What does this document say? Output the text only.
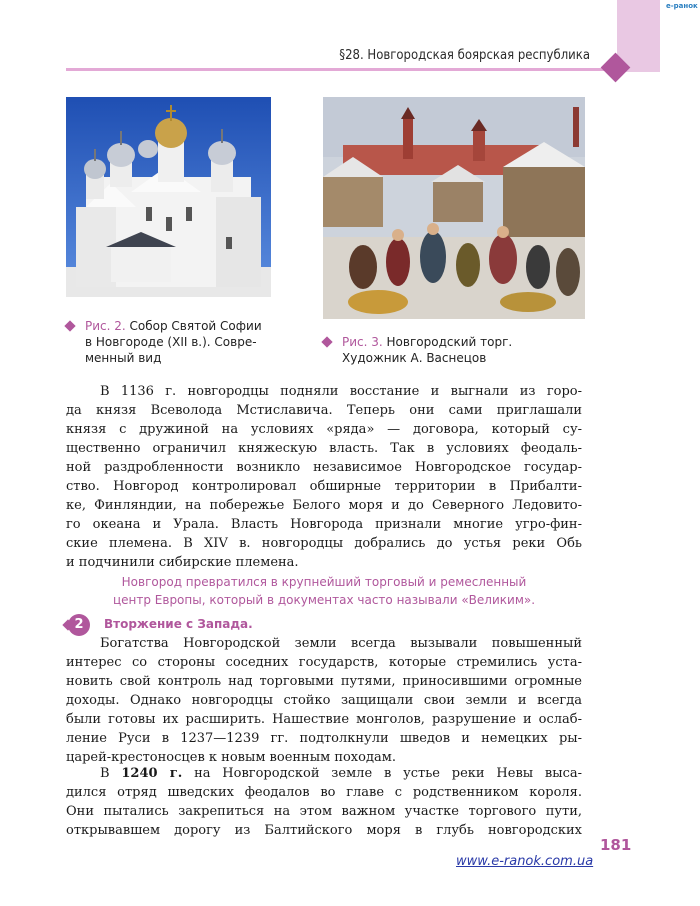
e-ранок
§28. Новгородская боярская республика
Рис. 2. Собор Святой Софии
в Новгороде (XII в.). Совре-
менный вид
Рис. 3. Новгородский торг.
Художник А. Васнецов
В 1136 г. новгородцы подняли восстание и выгнали из горо-
да князя Всеволода Мстиславича. Теперь они сами приглашали
князя с дружиной на условиях «ряда» — договора, который су-
щественно ограничил княжескую власть. Так в условиях феодаль-
ной раздробленности возникло независимое Новгородское государ-
ство. Новгород контролировал обширные территории в Прибалти-
ке, Финляндии, на побережье Белого моря и до Северного Ледовито-
го океана и Урала. Власть Новгорода признали многие угро-фин-
ские племена. В XIV в. новгородцы добрались до устья реки Обь
и подчинили сибирские племена.
Новгород превратился в крупнейший торговый и ремесленный
центр Европы, который в документах часто называли «Великим».
2	Вторжение с Запада.
Богатства Новгородской земли всегда вызывали повышенный
интерес со стороны соседних государств, которые стремились уста-
новить свой контроль над торговыми путями, приносившими огромные
доходы. Однако новгородцы стойко защищали свои земли и всегда
были готовы их расширить. Нашествие монголов, разрушение и ослаб-
ление Руси в 1237—1239 гг. подтолкнули шведов и немецких ры-
царей-крестоносцев к новым военным походам.
В 1240 г. на Новгородской земле в устье реки Невы выса-
дился отряд шведских феодалов во главе с родственником короля.
Они пытались закрепиться на этом важном участке торгового пути,
открывавшем дорогу из Балтийского моря в глубь новгородских
181
www.e-ranok.com.ua
